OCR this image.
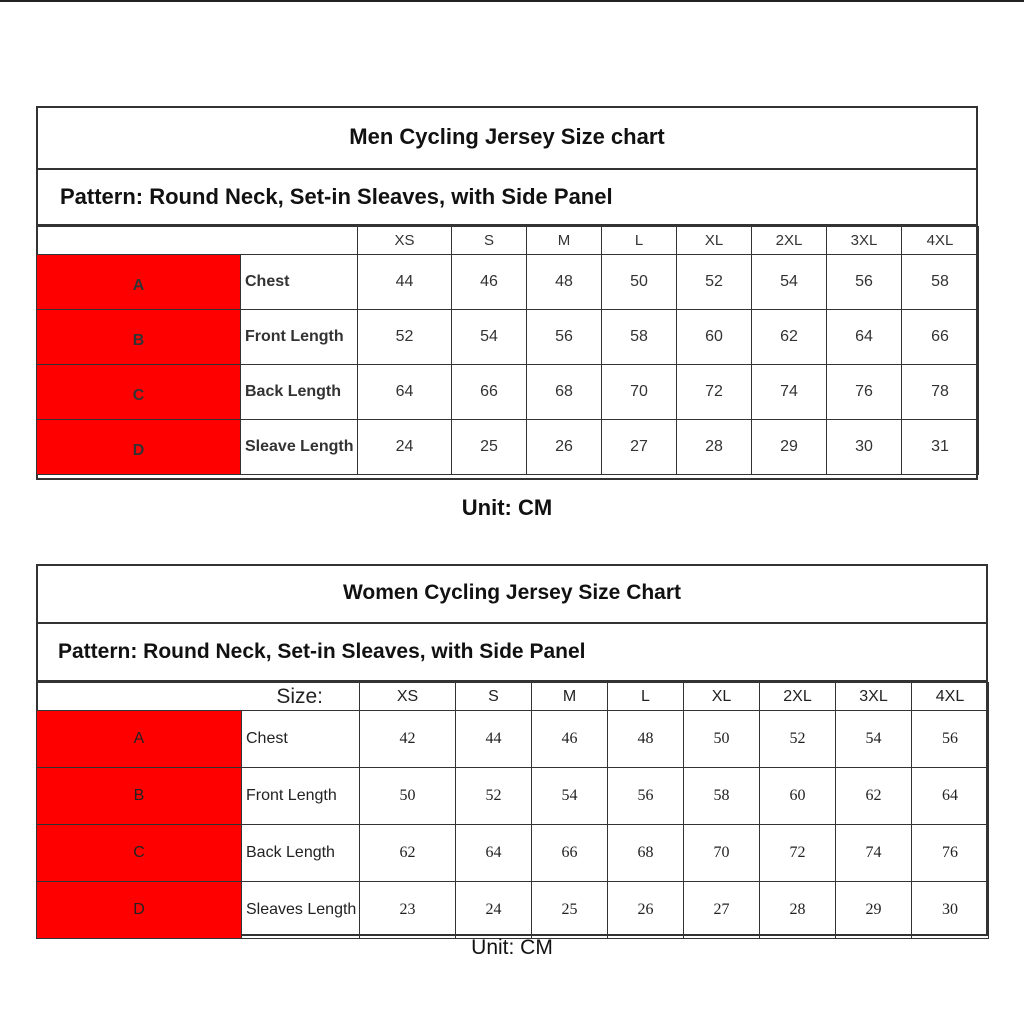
Men Cycling Jersey Size chart
Pattern: Round Neck, Set-in Sleaves, with Side Panel
		XS	S	M	L	XL	2XL	3XL	4XL
A	Chest	44	46	48	50	52	54	56	58
B	Front Length	52	54	56	58	60	62	64	66
C	Back Length	64	66	68	70	72	74	76	78
D	Sleave Length	24	25	26	27	28	29	30	31
Unit: CM
Women Cycling Jersey Size Chart
Pattern: Round Neck, Set-in Sleaves, with Side Panel
Size:		XS	S	M	L	XL	2XL	3XL	4XL
A	Chest	42	44	46	48	50	52	54	56
B	Front Length	50	52	54	56	58	60	62	64
C	Back Length	62	64	66	68	70	72	74	76
D	Sleaves Length	23	24	25	26	27	28	29	30
Unit: CM
